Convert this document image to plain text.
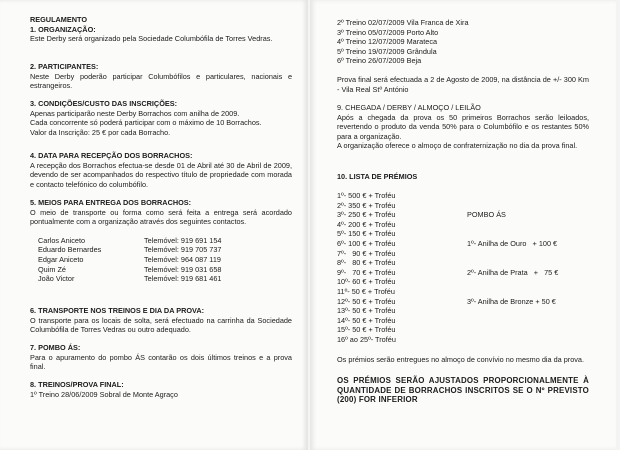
REGULAMENTO
1. ORGANIZAÇÃO:

Este Derby será organizado pela Sociedade Columbófila de Torres Vedras.

2. PARTICIPANTES:

Neste Derby poderão participar Columbófilos e particulares, nacionais e estrangeiros.

3. CONDIÇÕES/CUSTO DAS INSCRIÇÕES:
Apenas participarão neste Derby Borrachos com anilha de 2009.
Cada concorrente só poderá participar com o máximo de 10 Borrachos.
Valor da Inscrição: 25 € por cada Borracho.
4. DATA PARA RECEPÇÃO DOS BORRACHOS:

A recepção dos Borrachos efectua-se desde 01 de Abril até 30 de Abril de 2009, devendo de ser acompanhados do respectivo título de propriedade com morada e contacto telefónico do columbófilo.

5. MEIOS PARA ENTREGA DOS BORRACHOS:

O meio de transporte ou forma como será feita a entrega será acordado pontualmente com a organização através dos seguintes contactos.

Carlos Aniceto	Telemóvel: 919 691 154
Eduardo Bernardes	Telemóvel: 919 705 737
Edgar Aniceto	Telemóvel: 964 087 119
Quim Zé	Telemóvel: 919 031 658
João Victor	Telemóvel: 919 681 461
6. TRANSPORTE NOS TREINOS E DIA DA PROVA:

O transporte para os locais de solta, será efectuado na carrinha da Sociedade Columbófila de Torres Vedras ou outro adequado.

7. POMBO ÁS:

Para o apuramento do pombo ÁS contarão os dois últimos treinos e a prova final.

8. TREINOS/PROVA FINAL:
1º Treino 28/06/2009 Sobral de Monte Agraço
2º Treino 02/07/2009 Vila Franca de Xira
3º Treino 05/07/2009 Porto Alto
4º Treino 12/07/2009 Marateca
5º Treino 19/07/2009 Grândula
6º Treino 26/07/2009 Beja

Prova final será efectuada a 2 de Agosto de 2009, na distância de +/- 300 Km - Vila Real Stº António

9. CHEGADA / DERBY / ALMOÇO / LEILÃO

Após a chegada da prova os 50 primeiros Borrachos serão leiloados, revertendo o produto da venda 50% para o Columbófilo e os restantes 50% para a organização.

A organização oferece o almoço de confraternização no dia da prova final.

10. LISTA DE PRÉMIOS
1º- 500 € + Troféu
2º- 350 € + Troféu
3º- 250 € + Troféu
4º- 200 € + Troféu
5º- 150 € + Troféu
6º- 100 € + Troféu
7º-   90 € + Troféu
8º-   80 € + Troféu
9º-   70 € + Troféu
10º- 60 € + Troféu
11º- 50 € + Troféu
12º- 50 € + Troféu
13º- 50 € + Troféu
14º- 50 € + Troféu
15º- 50 € + Troféu
16º ao 25º- Troféu

POMBO ÁS

1º- Anilha de Ouro   + 100 €

2º- Anilha de Prata   +   75 €

3º- Anilha de Bronze + 50 €

Os prémios serão entregues no almoço de convívio no mesmo dia da prova.

OS PRÉMIOS SERÃO AJUSTADOS PROPORCIONALMENTE À QUANTIDADE DE BORRACHOS INSCRITOS SE O Nº PREVISTO (200) FOR INFERIOR
